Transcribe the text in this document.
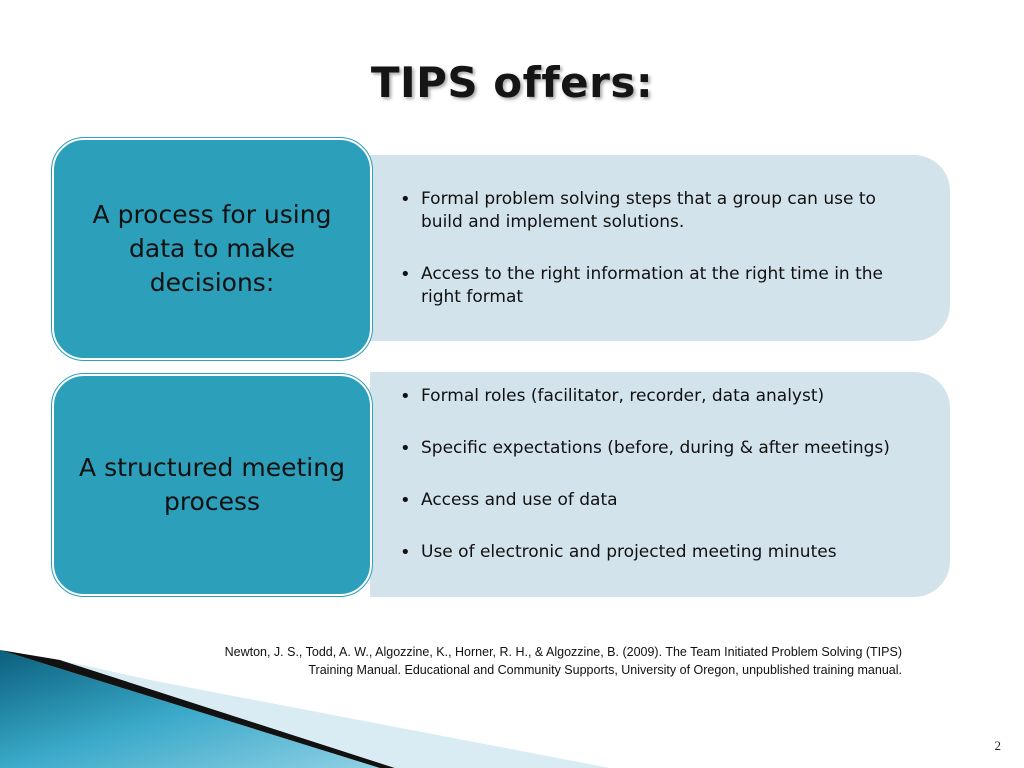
TIPS offers:
• Formal problem solving steps that a group can use to build and implement solutions.
• Access to the right information at the right time in the right format
A process for using data to make decisions:
• Formal roles (facilitator, recorder, data analyst)
• Specific expectations (before, during & after meetings)
• Access and use of data
• Use of electronic and projected meeting minutes
A structured meeting process
Newton, J. S., Todd, A. W., Algozzine, K., Horner, R. H., & Algozzine, B. (2009). The Team Initiated Problem Solving (TIPS)
Training Manual. Educational and Community Supports, University of Oregon, unpublished training manual.
2
